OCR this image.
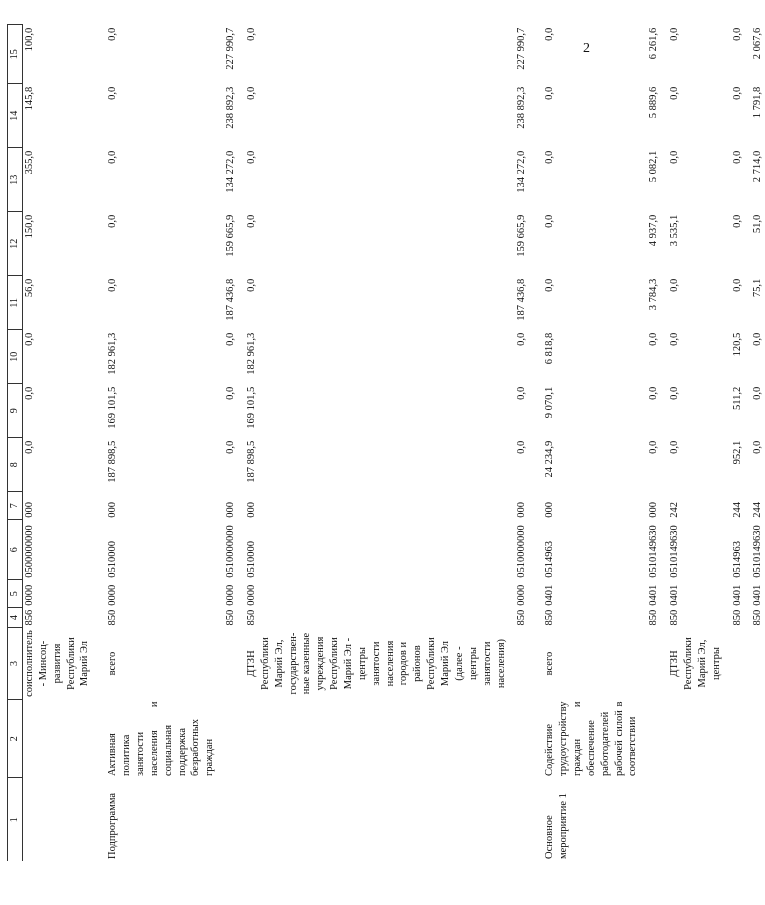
2
1	2	3	4	5	6	7	8	9	10	11	12	13	14	15
		соисполнитель - Минсоц-развития Республики Марий Эл	856	0000	0500000000	000	0,0	0,0	0,0	56,0	150,0	355,0	145,8	100,0
Подпрограмма	Активная политика занятости населения и социальная поддержка безработных граждан	всего	850	0000	0510000	000	187 898,5	169 101,5	182 961,3	0,0	0,0	0,0	0,0	0,0
			850	0000	0510000000	000	0,0	0,0	0,0	187 436,8	159 665,9	134 272,0	238 892,3	227 990,7
		ДТЗН Республики Марий Эл, государствен-ные казенные учреждения Республики Марий Эл - центры занятости населения городов и районов Республики Марий Эл (далее - центры занятости населения)	850	0000	0510000	000	187 898,5	169 101,5	182 961,3	0,0	0,0	0,0	0,0	0,0
			850	0000	0510000000	000	0,0	0,0	0,0	187 436,8	159 665,9	134 272,0	238 892,3	227 990,7
Основное мероприятие 1	Содействие трудоустройству граждан и обеспечение работодателей рабочей силой в соответствии	всего	850	0401	0514963	000	24 234,9	9 070,1	6 818,8	0,0	0,0	0,0	0,0	0,0
			850	0401	0510149630	000	0,0	0,0	0,0	3 784,3	4 937,0	5 082,1	5 889,6	6 261,6
		ДТЗН Республики Марий Эл, центры	850	0401	0510149630	242	0,0	0,0	0,0	0,0	3 535,1	0,0	0,0	0,0
			850	0401	0514963	244	952,1	511,2	120,5	0,0	0,0	0,0	0,0	0,0
			850	0401	0510149630	244	0,0	0,0	0,0	75,1	51,0	2 714,0	1 791,8	2 067,6
